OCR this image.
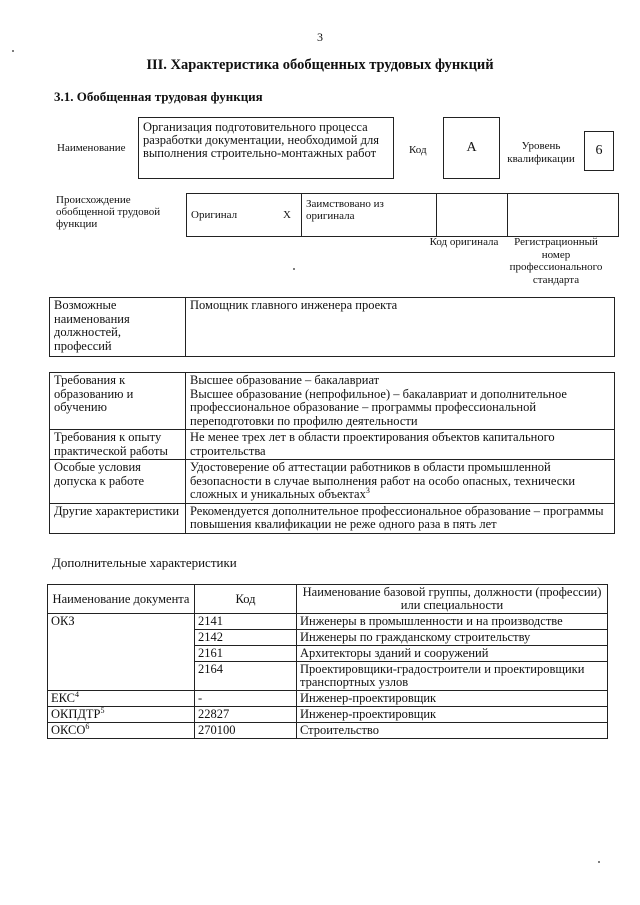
3
III. Характеристика обобщенных трудовых функций
3.1. Обобщенная трудовая функция
Наименование
Организация подготовительного процесса разработки документации, необходимой для выполнения строительно-монтажных работ	Код	А	Уровень квалификации
6
Происхождение обобщенной трудовой функции
Оригинал	Х	Заимствовано из оригинала		
Код оригинала	Регистрационный номер профессионального стандарта
Возможные наименования должностей, профессий	Помощник главного инженера проекта
Требования к образованию и обучению	Высшее образование – бакалавриат
Высшее образование (непрофильное) – бакалавриат и дополнительное профессиональное образование – программы профессиональной переподготовки по профилю деятельности

Требования к опыту практической работы	Не менее трех лет в области проектирования объектов капитального строительства
Особые условия допуска к работе	Удостоверение об аттестации работников в области промышленной безопасности в случае выполнения работ на особо опасных, технически сложных и уникальных объектах$^3$
Другие характеристики	Рекомендуется дополнительное профессиональное образование – программы повышения квалификации не реже одного раза в пять лет
Дополнительные характеристики
Наименование документа	Код	Наименование базовой группы, должности (профессии) или специальности
ОКЗ	2141	Инженеры в промышленности и на производстве
	2142	Инженеры по гражданскому строительству
	2161	Архитекторы зданий и сооружений
	2164	Проектировщики-градостроители и проектировщики транспортных узлов
ЕКС$^4$	-	Инженер-проектировщик
ОКПДТР$^5$	22827	Инженер-проектировщик
ОКСО$^6$	270100	Строительство
